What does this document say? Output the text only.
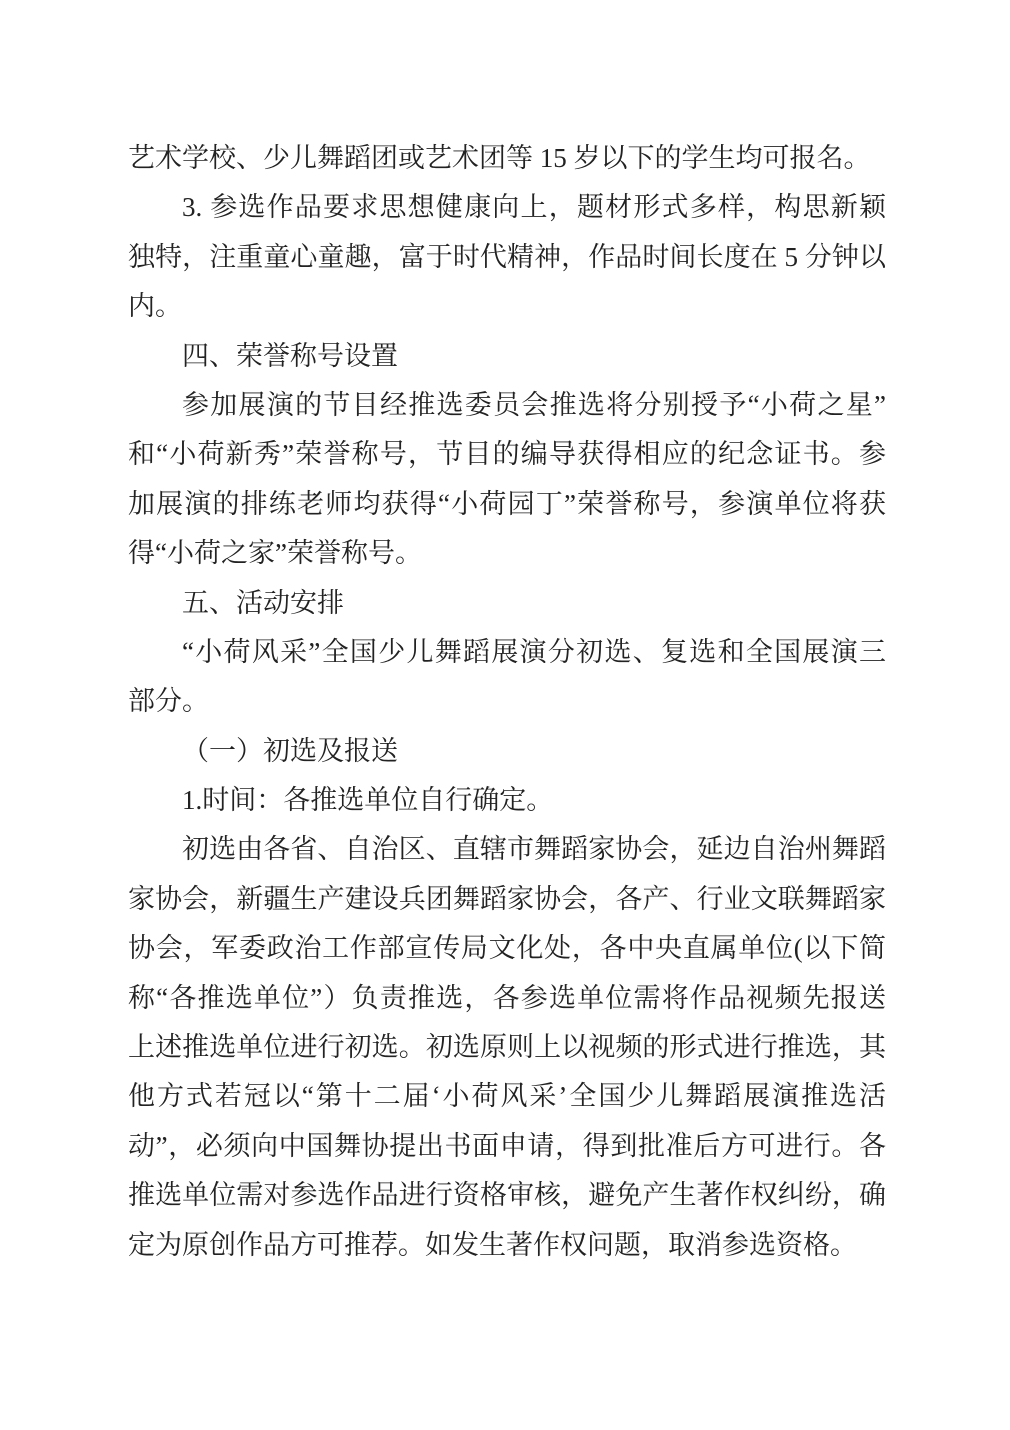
艺术学校、少儿舞蹈团或艺术团等 15 岁以下的学生均可报名。
3. 参选作品要求思想健康向上，题材形式多样，构思新颖
独特，注重童心童趣，富于时代精神，作品时间长度在 5 分钟以
内。
四、荣誉称号设置
参加展演的节目经推选委员会推选将分别授予“小荷之星”
和“小荷新秀”荣誉称号，节目的编导获得相应的纪念证书。参
加展演的排练老师均获得“小荷园丁”荣誉称号，参演单位将获
得“小荷之家”荣誉称号。
五、活动安排
“小荷风采”全国少儿舞蹈展演分初选、复选和全国展演三
部分。
（一）初选及报送
1.时间：各推选单位自行确定。
初选由各省、自治区、直辖市舞蹈家协会，延边自治州舞蹈
家协会，新疆生产建设兵团舞蹈家协会，各产、行业文联舞蹈家
协会，军委政治工作部宣传局文化处，各中央直属单位(以下简
称“各推选单位”）负责推选，各参选单位需将作品视频先报送
上述推选单位进行初选。初选原则上以视频的形式进行推选，其
他方式若冠以“第十二届‘小荷风采’全国少儿舞蹈展演推选活
动”，必须向中国舞协提出书面申请，得到批准后方可进行。各
推选单位需对参选作品进行资格审核，避免产生著作权纠纷，确
定为原创作品方可推荐。如发生著作权问题，取消参选资格。
